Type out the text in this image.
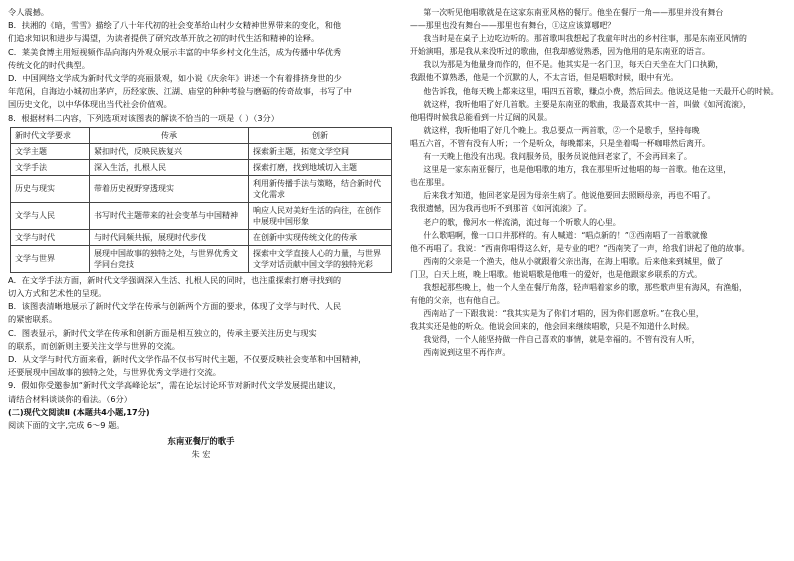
令人震撼。

B．扶湘的《暗，雪雪》描绘了八十年代初的社会变革给山村少女精神世界带来的变化，和他

们追求知识和进步与渴望，为读者提供了研究改革开放之初的时代生活和精神的诠释。

C．莱美食博主用短视频作品向海内外观众展示丰富的中华乡村文化生活，成为传播中华优秀

传统文化的时代典型。

D．中国网络文学成为新时代文学的亮丽景观，如小说《庆余年》讲述一个有着排挤身世的少

年范闲，自海边小城初出茅庐，历经家族、江湖、庙堂的种种考验与磨砺的传奇故事，书写了中

国历史文化，以中华体现出当代社会价值观。

8．根据材料二内容，下列选项对该图表的解读不恰当的一项是（ ）（3分）

新时代文学要求	传承	创新
文学主题	紧扣时代，反映民族复兴	探索新主题，拓宽文学空间
文学手法	深入生活，扎根人民	探索打磨，找到地域切入主题
历史与现实	带着历史视野穿透现实	利用新传播手法与策略，结合新时代文化需求
文学与人民	书写时代主题带来的社会变革与中国精神	响应人民对美好生活的向往，在创作中展现中国形象
文学与时代	与时代同频共振，展现时代步伐	在创新中实现传统文化的传承
文学与世界	展现中国故事的独特之处，与世界优秀文学同台竞技	探索中文学直接人心的力量，与世界文学对话贡献中国文学的独特光彩

A．在文学手法方面，新时代文学强调深入生活、扎根人民的同时，也注重探索打磨寻找到的

切入方式和艺术性的呈现。

B．该图表清晰地展示了新时代文学在传承与创新两个方面的要求，体现了文学与时代、人民

的紧密联系。

C．图表显示，新时代文学在传承和创新方面是相互独立的，传承主要关注历史与现实

的联系，而创新则主要关注文学与世界的交流。

D．从文学与时代方面来看，新时代文学作品不仅书写时代主题，不仅要反映社会变革和中国精神，

还要展现中国故事的独特之处，与世界优秀文学进行交流。

9．假如你受邀参加“新时代文学高峰论坛”，需在论坛讨论环节对新时代文学发展提出建议，

请结合材料谈谈你的看法。（6分）

(二)现代文阅读Ⅱ (本题共4小题,17分)

阅读下面的文字,完成 6～9 题。

东南亚餐厅的歌手

朱 宏

第一次听见他唱歌就是在这家东南亚风格的餐厅。他坐在餐厅一角——那里并没有舞台

——那里也没有舞台——那里也有舞台，①这应该算哪吧？

我当时是在桌子上边吃边听的。那首歌叫我想起了我童年时出的乡村往事，那是东南亚风情的

开始演唱，那是我从来没听过的歌曲，但我却感觉熟悉，因为他用的是东南亚的语言。

我以为那是为他量身而作的，但不是。他其实是一名门卫，每天白天坐在大门口执勤，

我跟他不算熟悉，他是一个沉默的人，不太言语，但是唱歌时候，眼中有光。

他告诉我，他每天晚上都来这里，唱四五首歌，赚点小费，然后回去。他说这是他一天最开心的时候。

就这样，我听他唱了好几首歌。主要是东南亚的歌曲，我最喜欢其中一首，叫做《如河流滚》，

他唱得时候我总能看到一片辽阔的风景。

就这样，我听他唱了好几个晚上。我总要点一两首歌，②一个是歌手，坚持每晚

唱五六首，不管有没有人听；一个是听众，每晚都来，只是坐着喝一杯咖啡然后离开。

有一天晚上他没有出现。我问服务员，服务员说他回老家了，不会再回来了。

这里是一家东南亚餐厅，也是他唱歌的地方，我在那里听过他唱的每一首歌。他在这里，

也在那里。

后来我才知道，他回老家是因为母亲生病了。他说他要回去照顾母亲，再也不唱了。

我很遗憾，因为我再也听不到那首《如河流滚》了。

老户的歌，像河水一样流淌，流过每一个听歌人的心里。

什么歌唱啊，像一口口井那样的。有人喊道：“唱点新的！”③西南唱了一首歌就像

他不再唱了。我说：“西南你唱得这么好，是专业的吧？”西南笑了一声，给我们讲起了他的故事。

西南的父亲是一个渔夫，他从小就跟着父亲出海，在海上唱歌。后来他来到城里，做了

门卫，白天上班，晚上唱歌。他说唱歌是他唯一的爱好，也是他跟家乡联系的方式。

我想起那些晚上，他一个人坐在餐厅角落，轻声唱着家乡的歌，那些歌声里有海风，有渔船，

有他的父亲，也有他自己。

西南站了一下跟我说：“我其实是为了你们才唱的，因为你们愿意听。”在我心里，

我其实还是他的听众。他说会回来的，他会回来继续唱歌，只是不知道什么时候。

我觉得，一个人能坚持做一件自己喜欢的事情，就是幸福的。不管有没有人听，

西南说到这里不再作声。
